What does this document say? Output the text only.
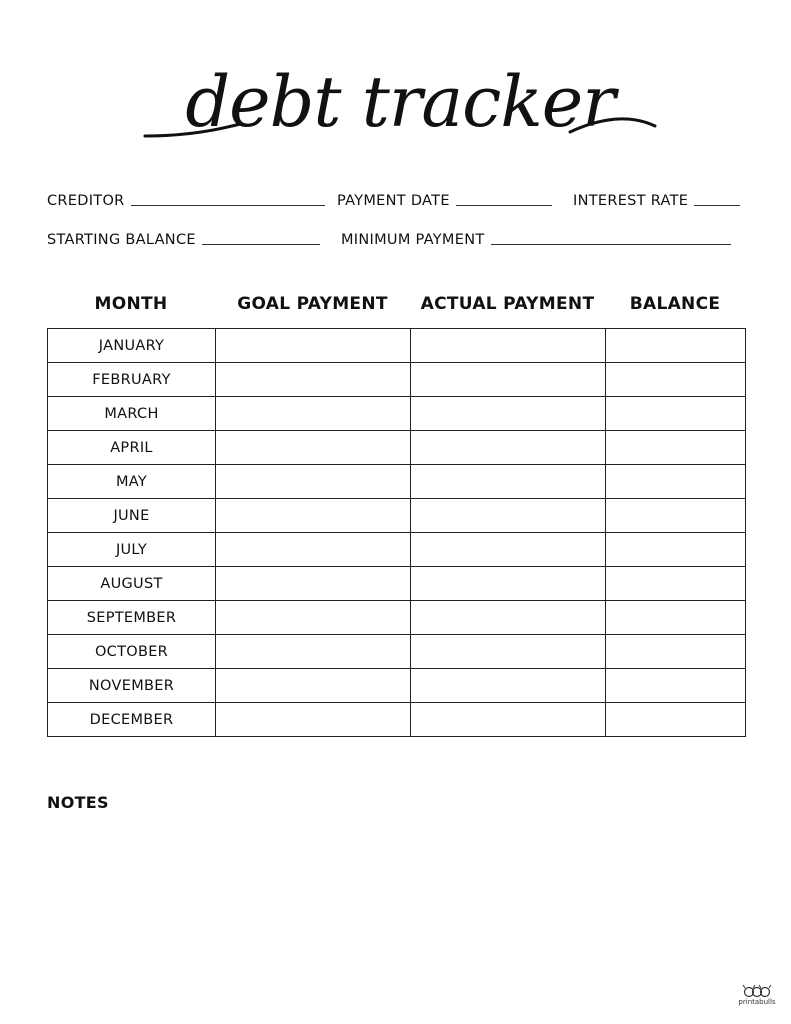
debt tracker
CREDITOR	PAYMENT DATE	INTEREST RATE
STARTING BALANCE	MINIMUM PAYMENT
MONTH	GOAL PAYMENT	ACTUAL PAYMENT	BALANCE
JANUARY			
FEBRUARY			
MARCH			
APRIL			
MAY			
JUNE			
JULY			
AUGUST			
SEPTEMBER			
OCTOBER			
NOVEMBER			
DECEMBER			
NOTES
printabulls
